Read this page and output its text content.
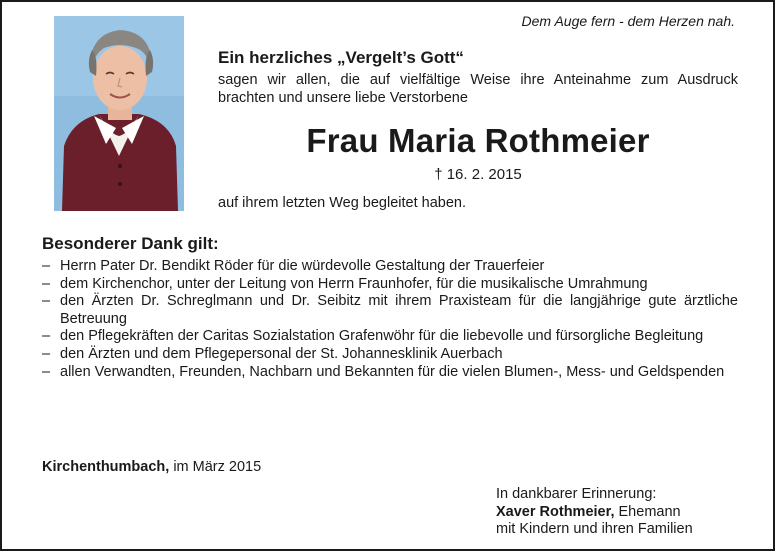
Dem Auge fern - dem Herzen nah.
Ein herzliches „Vergelt’s Gott“
sagen wir allen, die auf vielfältige Weise ihre Anteinahme zum Ausdruck brachten und unsere liebe Verstorbene
Frau Maria Rothmeier
† 16. 2. 2015
auf ihrem letzten Weg begleitet haben.
Besonderer Dank gilt:
– Herrn Pater Dr. Bendikt Röder für die würdevolle Gestaltung der Trauerfeier
– dem Kirchenchor, unter der Leitung von Herrn Fraunhofer, für die musikalische Umrahmung
– den Ärzten Dr. Schreglmann und Dr. Seibitz mit ihrem Praxisteam für die langjährige gute ärztliche Betreuung
– den Pflegekräften der Caritas Sozialstation Grafenwöhr für die liebevolle und fürsorgliche Begleitung
– den Ärzten und dem Pflegepersonal der St. Johannesklinik Auerbach
– allen Verwandten, Freunden, Nachbarn und Bekannten für die vielen Blumen-, Mess- und Geldspenden
Kirchenthumbach, im März 2015
In dankbarer Erinnerung:
Xaver Rothmeier, Ehemann
mit Kindern und ihren Familien
